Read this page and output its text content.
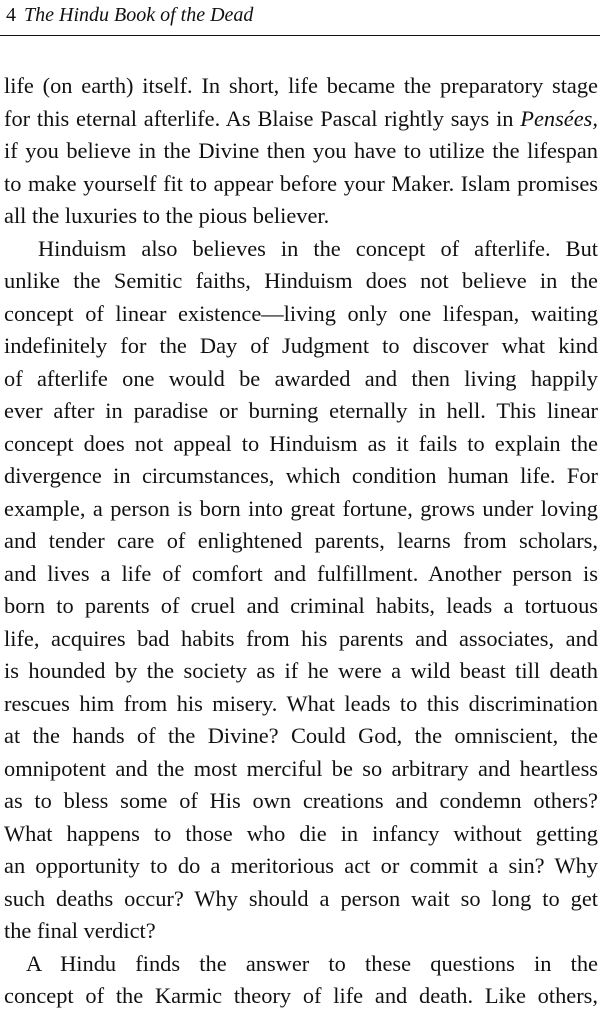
4 The Hindu Book of the Dead
life (on earth) itself. In short, life became the preparatory stage
for this eternal afterlife. As Blaise Pascal rightly says in Pensées,
if you believe in the Divine then you have to utilize the lifespan
to make yourself fit to appear before your Maker. Islam promises
all the luxuries to the pious believer.
Hinduism also believes in the concept of afterlife. But
unlike the Semitic faiths, Hinduism does not believe in the
concept of linear existence—living only one lifespan, waiting
indefinitely for the Day of Judgment to discover what kind
of afterlife one would be awarded and then living happily
ever after in paradise or burning eternally in hell. This linear
concept does not appeal to Hinduism as it fails to explain the
divergence in circumstances, which condition human life. For
example, a person is born into great fortune, grows under loving
and tender care of enlightened parents, learns from scholars,
and lives a life of comfort and fulfillment. Another person is
born to parents of cruel and criminal habits, leads a tortuous
life, acquires bad habits from his parents and associates, and
is hounded by the society as if he were a wild beast till death
rescues him from his misery. What leads to this discrimination
at the hands of the Divine? Could God, the omniscient, the
omnipotent and the most merciful be so arbitrary and heartless
as to bless some of His own creations and condemn others?
What happens to those who die in infancy without getting
an opportunity to do a meritorious act or commit a sin? Why
such deaths occur? Why should a person wait so long to get
the final verdict?
A Hindu finds the answer to these questions in the
concept of the Karmic theory of life and death. Like others,
